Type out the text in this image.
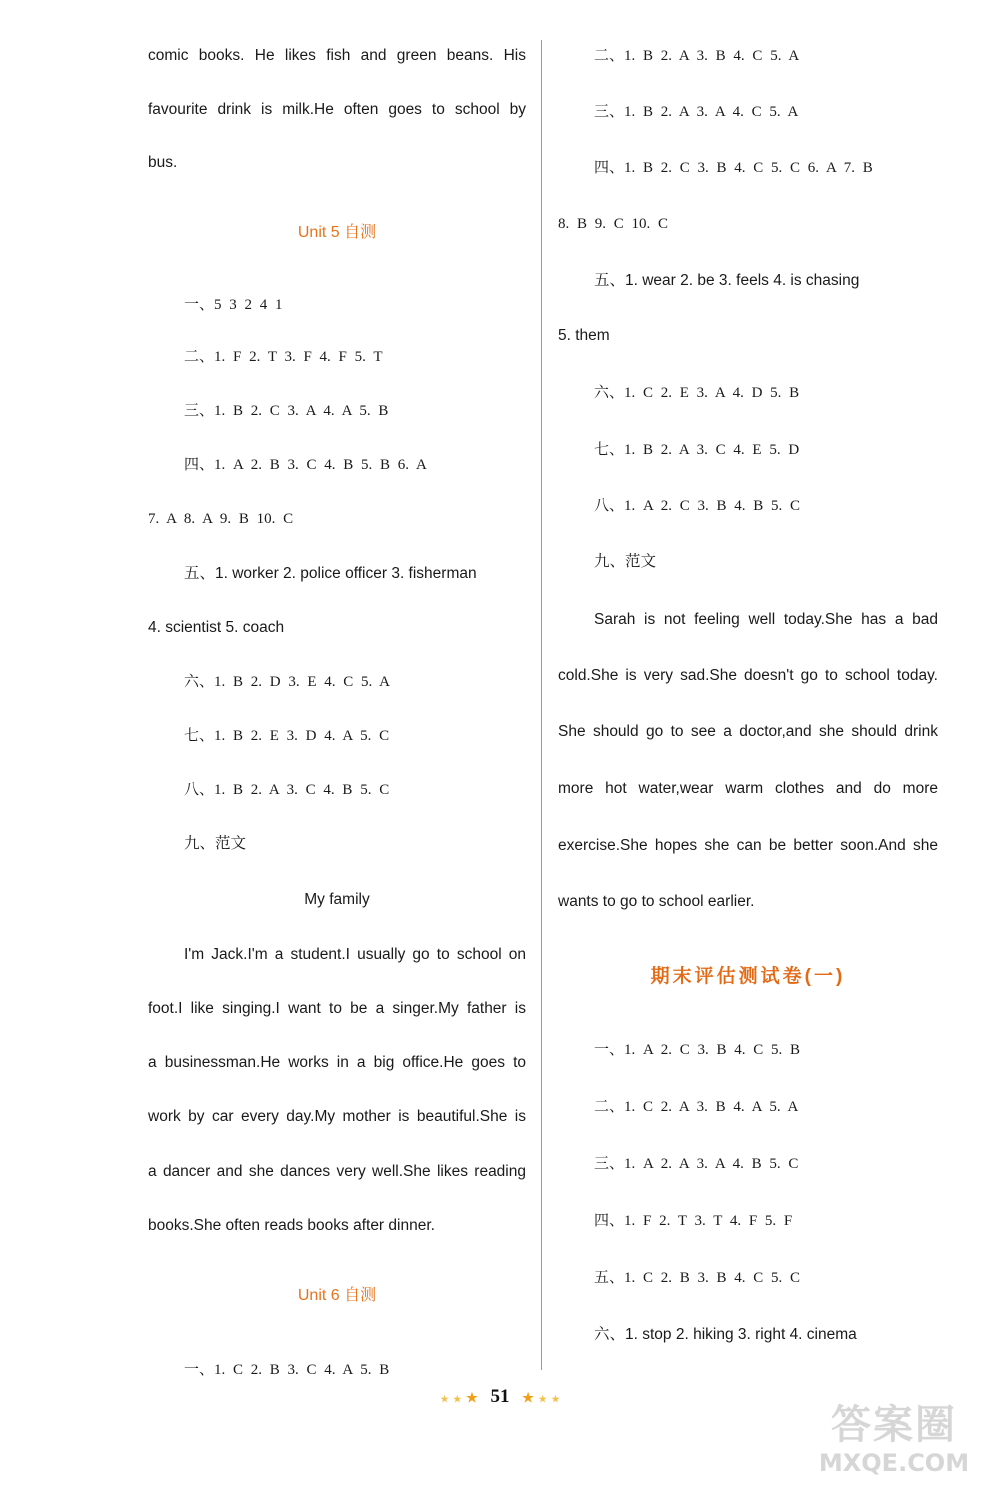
comic books. He likes fish and green beans. His
favourite drink is milk.He often goes to school by
bus.
Unit 5 自测
一、5 3 2 4 1
二、1. F 2. T 3. F 4. F 5. T
三、1. B 2. C 3. A 4. A 5. B
四、1. A 2. B 3. C 4. B 5. B 6. A
7. A 8. A 9. B 10. C
五、1. worker 2. police officer 3. fisherman
4. scientist 5. coach
六、1. B 2. D 3. E 4. C 5. A
七、1. B 2. E 3. D 4. A 5. C
八、1. B 2. A 3. C 4. B 5. C
九、范文
My family
I'm Jack.I'm a student.I usually go to school on
foot.I like singing.I want to be a singer.My father is
a businessman.He works in a big office.He goes to
work by car every day.My mother is beautiful.She is
a dancer and she dances very well.She likes reading
books.She often reads books after dinner.
Unit 6 自测
一、1. C 2. B 3. C 4. A 5. B
二、1. B 2. A 3. B 4. C 5. A
三、1. B 2. A 3. A 4. C 5. A
四、1. B 2. C 3. B 4. C 5. C 6. A 7. B
8. B 9. C 10. C
五、1. wear 2. be 3. feels 4. is chasing
5. them
六、1. C 2. E 3. A 4. D 5. B
七、1. B 2. A 3. C 4. E 5. D
八、1. A 2. C 3. B 4. B 5. C
九、范文
Sarah is not feeling well today.She has a bad
cold.She is very sad.She doesn't go to school today.
She should go to see a doctor,and she should drink
more hot water,wear warm clothes and do more
exercise.She hopes she can be better soon.And she
wants to go to school earlier.
期末评估测试卷(一)
一、1. A 2. C 3. B 4. C 5. B
二、1. C 2. A 3. B 4. A 5. A
三、1. A 2. A 3. A 4. B 5. C
四、1. F 2. T 3. T 4. F 5. F
五、1. C 2. B 3. B 4. C 5. C
六、1. stop 2. hiking 3. right 4. cinema
★ ★ ★ 51 ★ ★ ★
答案圈
MXQE.COM
